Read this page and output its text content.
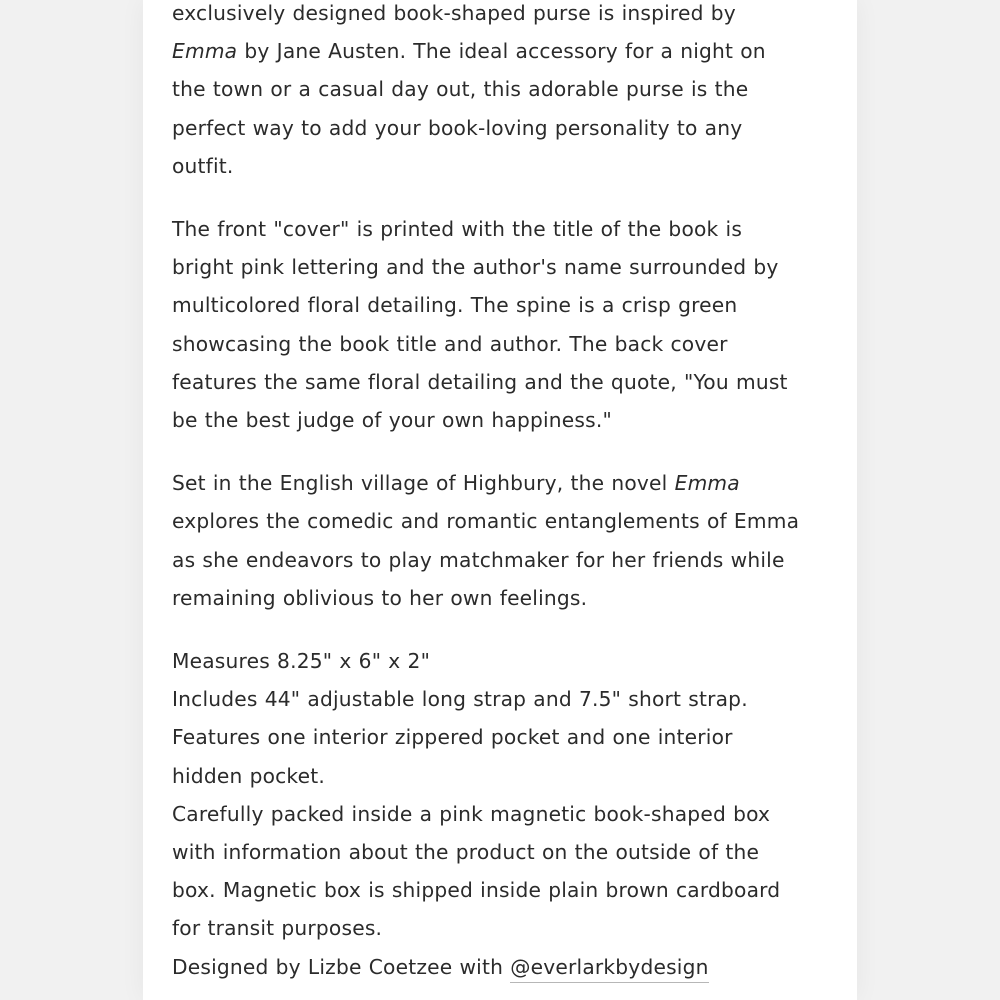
exclusively designed book-shaped purse is inspired by
Emma by Jane Austen. The ideal accessory for a night on
the town or a casual day out, this adorable purse is the
perfect way to add your book-loving personality to any
outfit.

The front "cover" is printed with the title of the book is
bright pink lettering and the author's name surrounded by
multicolored floral detailing. The spine is a crisp green
showcasing the book title and author. The back cover
features the same floral detailing and the quote, "You must
be the best judge of your own happiness."

Set in the English village of Highbury, the novel Emma
explores the comedic and romantic entanglements of Emma
as she endeavors to play matchmaker for her friends while
remaining oblivious to her own feelings.

Measures 8.25" x 6" x 2"
Includes 44" adjustable long strap and 7.5" short strap.
Features one interior zippered pocket and one interior
hidden pocket.
Carefully packed inside a pink magnetic book-shaped box
with information about the product on the outside of the
box. Magnetic box is shipped inside plain brown cardboard
for transit purposes.
Designed by Lizbe Coetzee with @everlarkbydesign
